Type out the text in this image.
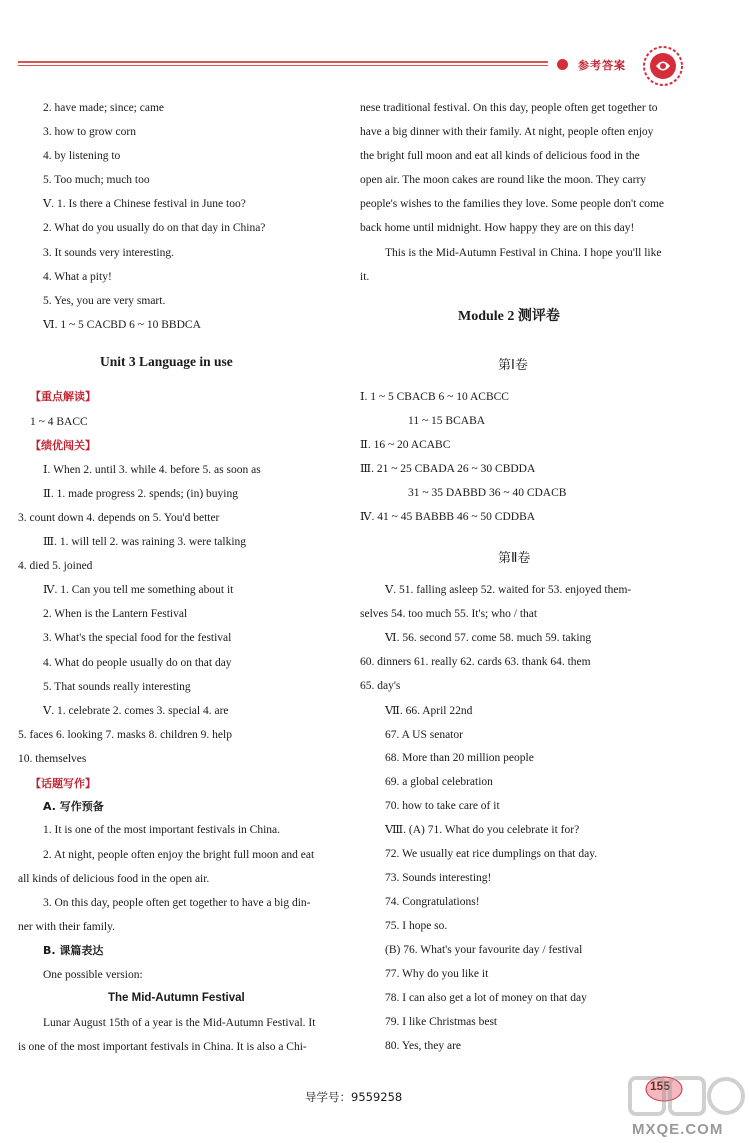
参考答案
2. have made; since; came
3. how to grow corn
4. by listening to
5. Too much; much too
Ⅴ. 1. Is there a Chinese festival in June too?
2. What do you usually do on that day in China?
3. It sounds very interesting.
4. What a pity!
5. Yes, you are very smart.
Ⅵ. 1 ~ 5 CACBD 6 ~ 10 BBDCA
Unit 3 Language in use
【重点解读】
1 ~ 4 BACC
【绩优闯关】
Ⅰ. When 2. until 3. while 4. before 5. as soon as
Ⅱ. 1. made progress 2. spends; (in) buying
3. count down 4. depends on 5. You'd better
Ⅲ. 1. will tell 2. was raining 3. were talking
4. died 5. joined
Ⅳ. 1. Can you tell me something about it
2. When is the Lantern Festival
3. What's the special food for the festival
4. What do people usually do on that day
5. That sounds really interesting
Ⅴ. 1. celebrate 2. comes 3. special 4. are
5. faces 6. looking 7. masks 8. children 9. help
10. themselves
【话题写作】
A. 写作预备
1. It is one of the most important festivals in China.
2. At night, people often enjoy the bright full moon and eat
all kinds of delicious food in the open air.
3. On this day, people often get together to have a big din-
ner with their family.
B. 课篇表达
One possible version:
The Mid-Autumn Festival
Lunar August 15th of a year is the Mid-Autumn Festival. It
is one of the most important festivals in China. It is also a Chi-
nese traditional festival. On this day, people often get together to
have a big dinner with their family. At night, people often enjoy
the bright full moon and eat all kinds of delicious food in the
open air. The moon cakes are round like the moon. They carry
people's wishes to the families they love. Some people don't come
back home until midnight. How happy they are on this day!
This is the Mid-Autumn Festival in China. I hope you'll like
it.
Module 2 测评卷
第Ⅰ卷
Ⅰ. 1 ~ 5 CBACB 6 ~ 10 ACBCC
11 ~ 15 BCABA
Ⅱ. 16 ~ 20 ACABC
Ⅲ. 21 ~ 25 CBADA 26 ~ 30 CBDDA
31 ~ 35 DABBD 36 ~ 40 CDACB
Ⅳ. 41 ~ 45 BABBB 46 ~ 50 CDDBA
第Ⅱ卷
Ⅴ. 51. falling asleep 52. waited for 53. enjoyed them-
selves 54. too much 55. It's; who / that
Ⅵ. 56. second 57. come 58. much 59. taking
60. dinners 61. really 62. cards 63. thank 64. them
65. day's
Ⅶ. 66. April 22nd
67. A US senator
68. More than 20 million people
69. a global celebration
70. how to take care of it
Ⅷ. (A) 71. What do you celebrate it for?
72. We usually eat rice dumplings on that day.
73. Sounds interesting!
74. Congratulations!
75. I hope so.
(B) 76. What's your favourite day / festival
77. Why do you like it
78. I can also get a lot of money on that day
79. I like Christmas best
80. Yes, they are
导学号：9559258
155
MXQE.COM
